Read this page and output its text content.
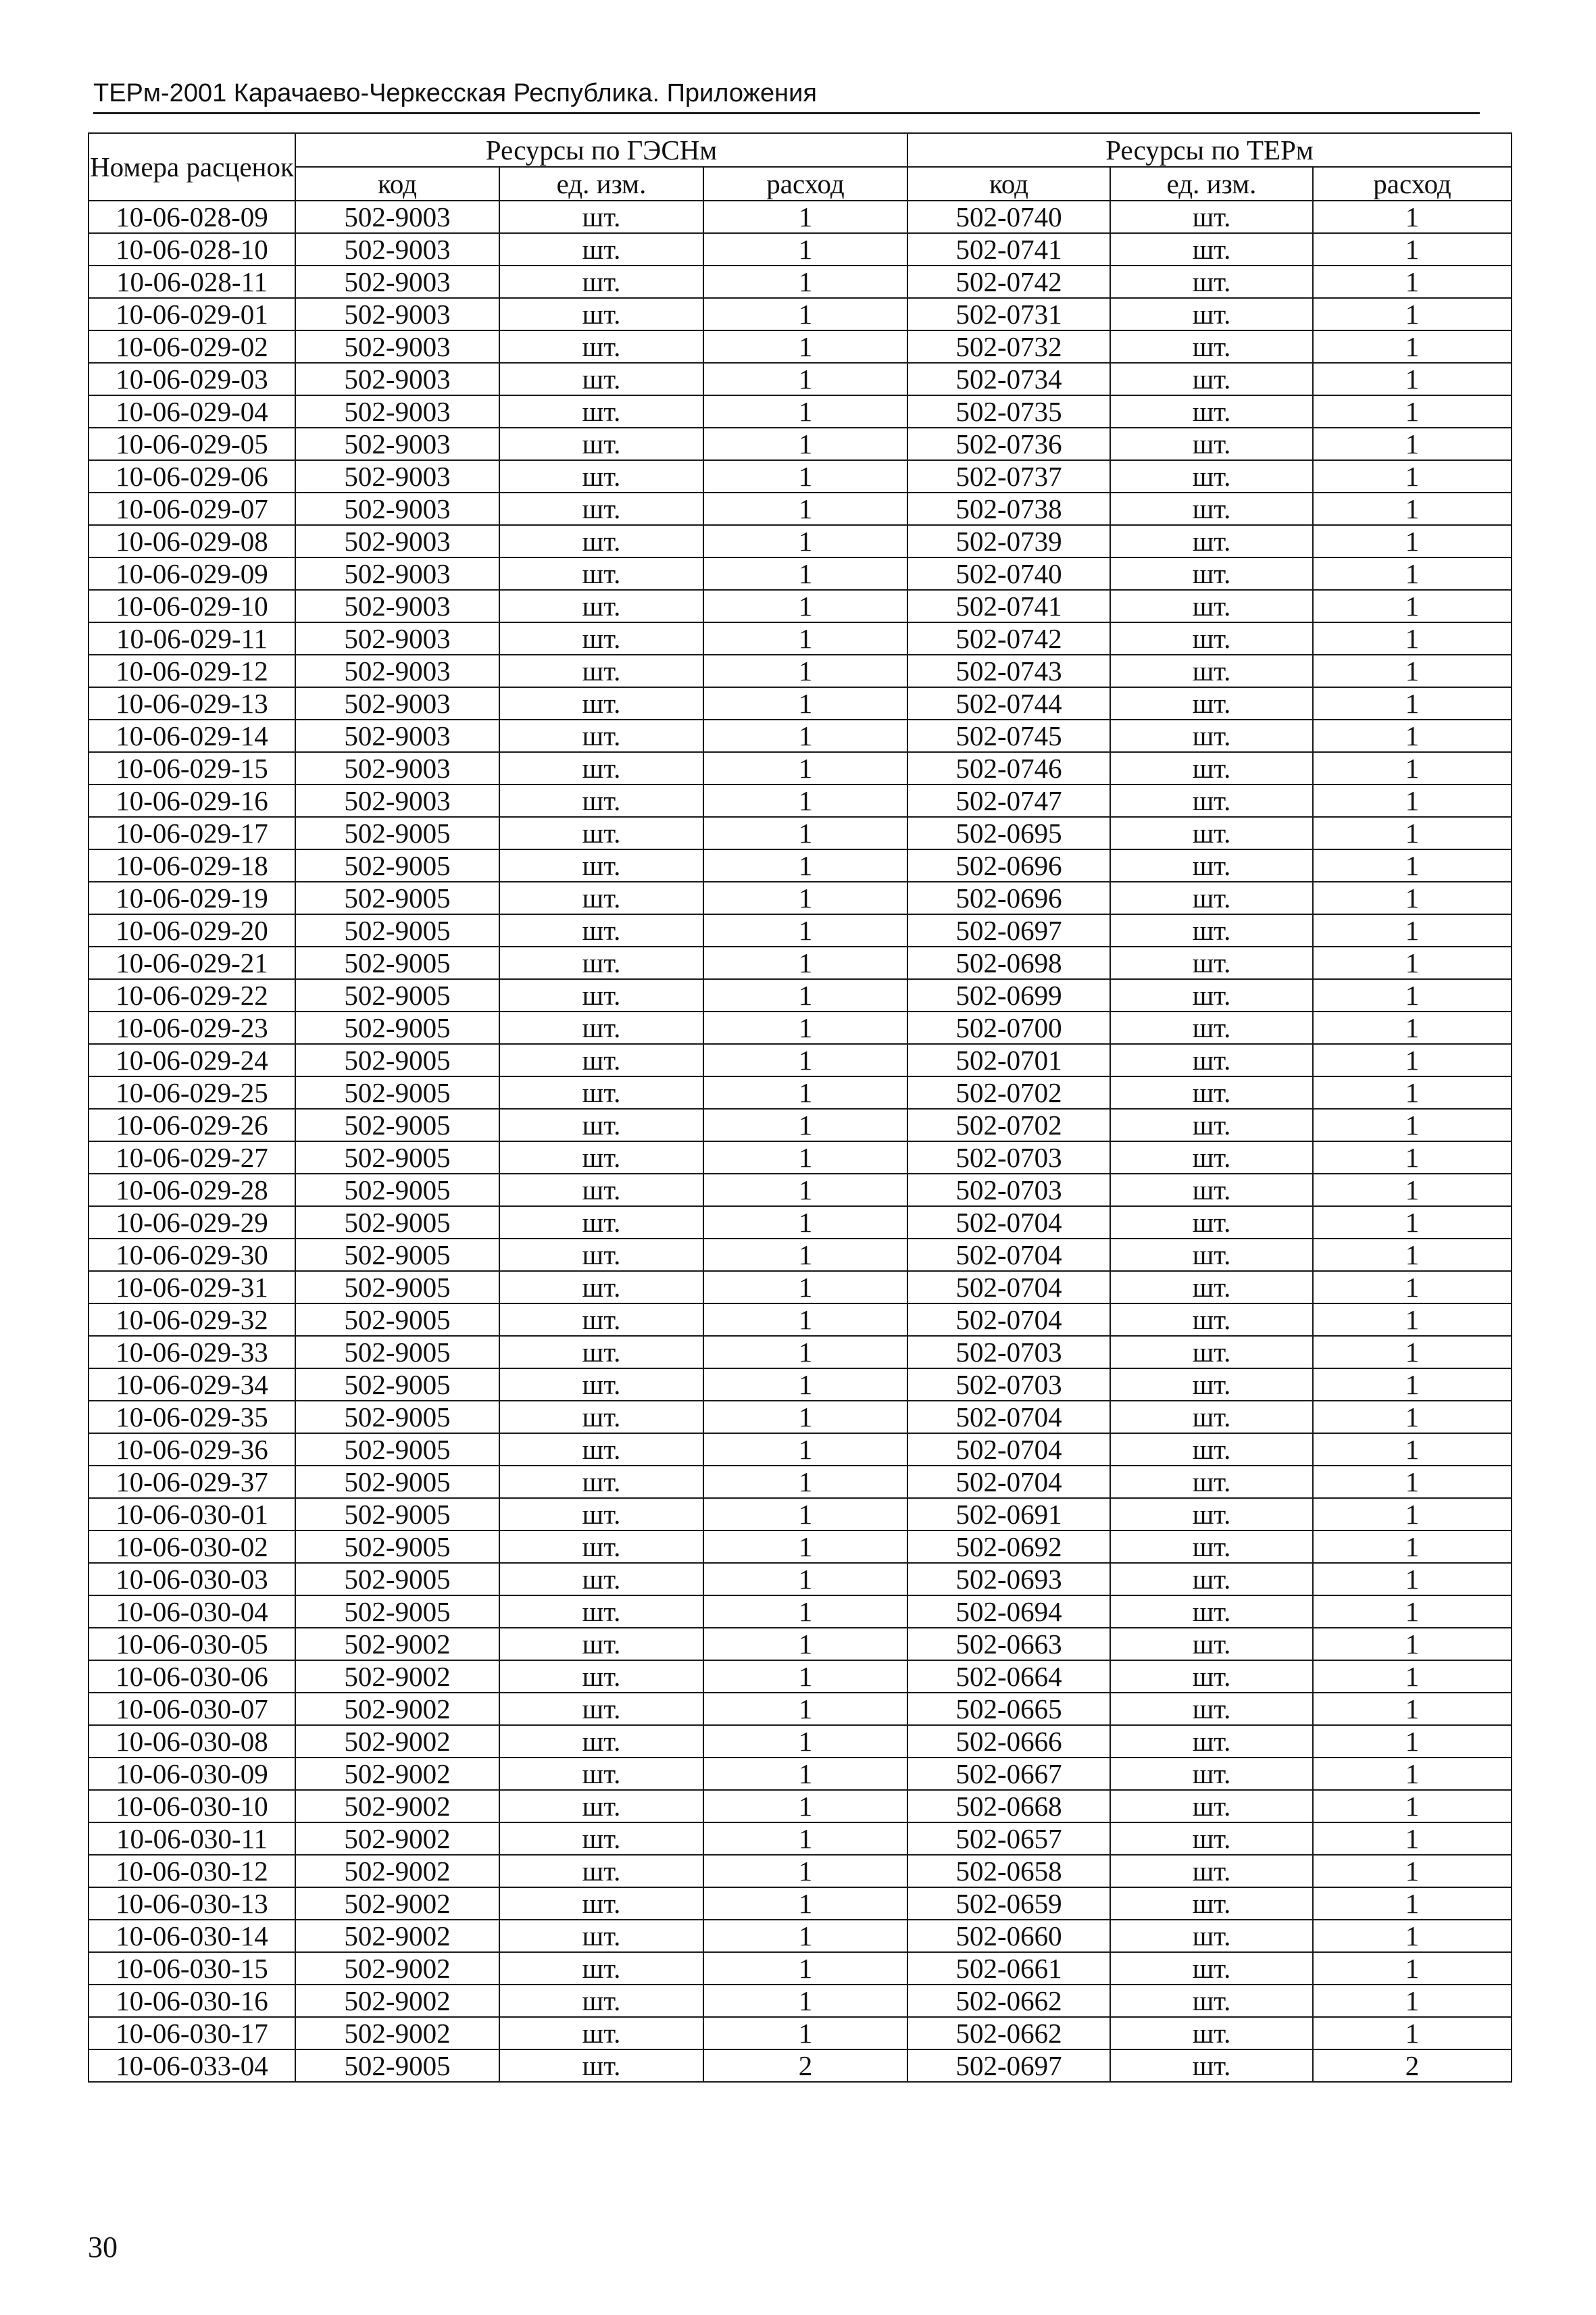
ТЕРм-2001 Карачаево-Черкесская Республика. Приложения
Номера расценок	Ресурсы по ГЭСНм			Ресурсы по ТЕРм		
	код	ед. изм.	расход	код	ед. изм.	расход
10-06-028-09	502-9003	шт.	1	502-0740	шт.	1
10-06-028-10	502-9003	шт.	1	502-0741	шт.	1
10-06-028-11	502-9003	шт.	1	502-0742	шт.	1
10-06-029-01	502-9003	шт.	1	502-0731	шт.	1
10-06-029-02	502-9003	шт.	1	502-0732	шт.	1
10-06-029-03	502-9003	шт.	1	502-0734	шт.	1
10-06-029-04	502-9003	шт.	1	502-0735	шт.	1
10-06-029-05	502-9003	шт.	1	502-0736	шт.	1
10-06-029-06	502-9003	шт.	1	502-0737	шт.	1
10-06-029-07	502-9003	шт.	1	502-0738	шт.	1
10-06-029-08	502-9003	шт.	1	502-0739	шт.	1
10-06-029-09	502-9003	шт.	1	502-0740	шт.	1
10-06-029-10	502-9003	шт.	1	502-0741	шт.	1
10-06-029-11	502-9003	шт.	1	502-0742	шт.	1
10-06-029-12	502-9003	шт.	1	502-0743	шт.	1
10-06-029-13	502-9003	шт.	1	502-0744	шт.	1
10-06-029-14	502-9003	шт.	1	502-0745	шт.	1
10-06-029-15	502-9003	шт.	1	502-0746	шт.	1
10-06-029-16	502-9003	шт.	1	502-0747	шт.	1
10-06-029-17	502-9005	шт.	1	502-0695	шт.	1
10-06-029-18	502-9005	шт.	1	502-0696	шт.	1
10-06-029-19	502-9005	шт.	1	502-0696	шт.	1
10-06-029-20	502-9005	шт.	1	502-0697	шт.	1
10-06-029-21	502-9005	шт.	1	502-0698	шт.	1
10-06-029-22	502-9005	шт.	1	502-0699	шт.	1
10-06-029-23	502-9005	шт.	1	502-0700	шт.	1
10-06-029-24	502-9005	шт.	1	502-0701	шт.	1
10-06-029-25	502-9005	шт.	1	502-0702	шт.	1
10-06-029-26	502-9005	шт.	1	502-0702	шт.	1
10-06-029-27	502-9005	шт.	1	502-0703	шт.	1
10-06-029-28	502-9005	шт.	1	502-0703	шт.	1
10-06-029-29	502-9005	шт.	1	502-0704	шт.	1
10-06-029-30	502-9005	шт.	1	502-0704	шт.	1
10-06-029-31	502-9005	шт.	1	502-0704	шт.	1
10-06-029-32	502-9005	шт.	1	502-0704	шт.	1
10-06-029-33	502-9005	шт.	1	502-0703	шт.	1
10-06-029-34	502-9005	шт.	1	502-0703	шт.	1
10-06-029-35	502-9005	шт.	1	502-0704	шт.	1
10-06-029-36	502-9005	шт.	1	502-0704	шт.	1
10-06-029-37	502-9005	шт.	1	502-0704	шт.	1
10-06-030-01	502-9005	шт.	1	502-0691	шт.	1
10-06-030-02	502-9005	шт.	1	502-0692	шт.	1
10-06-030-03	502-9005	шт.	1	502-0693	шт.	1
10-06-030-04	502-9005	шт.	1	502-0694	шт.	1
10-06-030-05	502-9002	шт.	1	502-0663	шт.	1
10-06-030-06	502-9002	шт.	1	502-0664	шт.	1
10-06-030-07	502-9002	шт.	1	502-0665	шт.	1
10-06-030-08	502-9002	шт.	1	502-0666	шт.	1
10-06-030-09	502-9002	шт.	1	502-0667	шт.	1
10-06-030-10	502-9002	шт.	1	502-0668	шт.	1
10-06-030-11	502-9002	шт.	1	502-0657	шт.	1
10-06-030-12	502-9002	шт.	1	502-0658	шт.	1
10-06-030-13	502-9002	шт.	1	502-0659	шт.	1
10-06-030-14	502-9002	шт.	1	502-0660	шт.	1
10-06-030-15	502-9002	шт.	1	502-0661	шт.	1
10-06-030-16	502-9002	шт.	1	502-0662	шт.	1
10-06-030-17	502-9002	шт.	1	502-0662	шт.	1
10-06-033-04	502-9005	шт.	2	502-0697	шт.	2
30
